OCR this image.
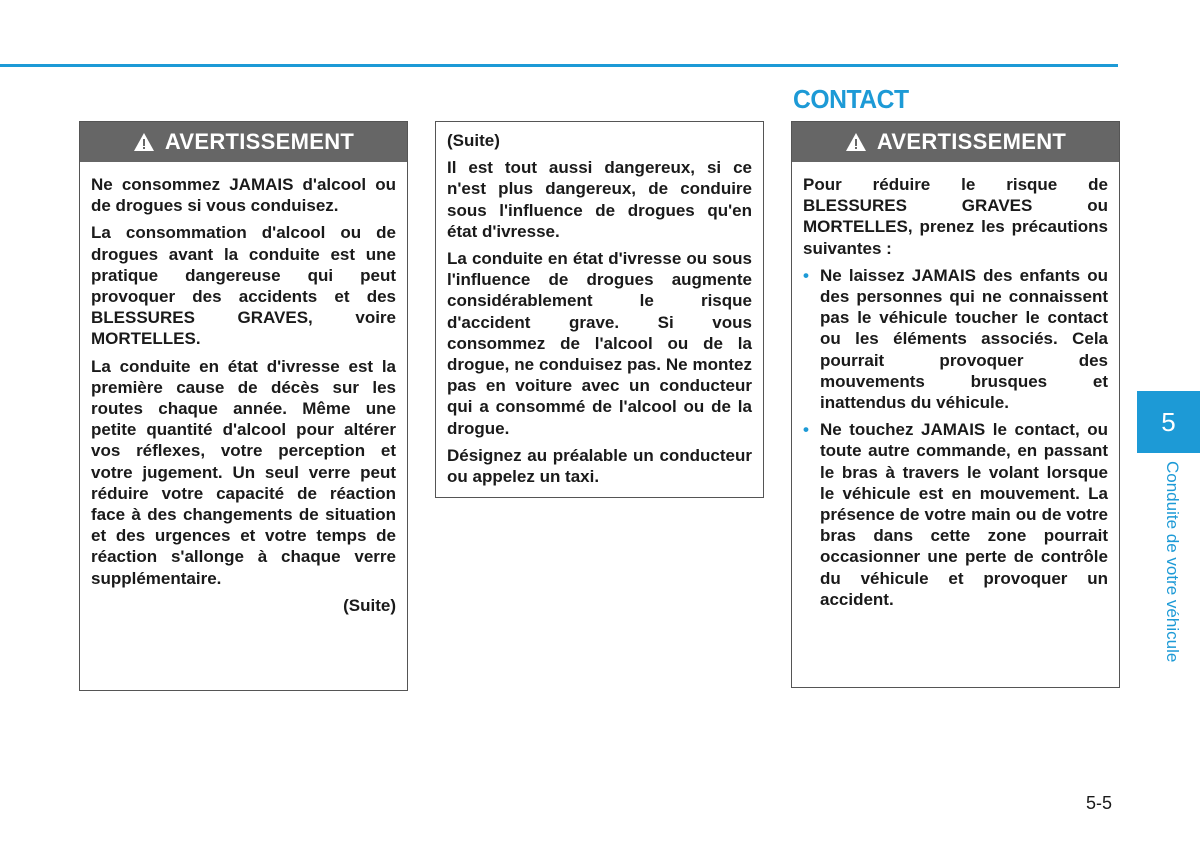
CONTACT
AVERTISSEMENT

Ne consommez JAMAIS d'alcool ou de drogues si vous conduisez.

La consommation d'alcool ou de drogues avant la conduite est une pratique dangereuse qui peut provoquer des accidents et des BLESSURES GRAVES, voire MORTELLES.

La conduite en état d'ivresse est la première cause de décès sur les routes chaque année. Même une petite quantité d'alcool pour altérer vos réflexes, votre perception et votre jugement. Un seul verre peut réduire votre capacité de réaction face à des changements de situation et des urgences et votre temps de réaction s'allonge à chaque verre supplémentaire.

(Suite)

(Suite)

Il est tout aussi dangereux, si ce n'est plus dangereux, de conduire sous l'influence de drogues qu'en état d'ivresse.

La conduite en état d'ivresse ou sous l'influence de drogues augmente considérablement le risque d'accident grave. Si vous consommez de l'alcool ou de la drogue, ne conduisez pas. Ne montez pas en voiture avec un conducteur qui a consommé de l'alcool ou de la drogue.

Désignez au préalable un conducteur ou appelez un taxi.

AVERTISSEMENT

Pour réduire le risque de BLESSURES GRAVES ou MORTELLES, prenez les précautions suivantes :

• Ne laissez JAMAIS des enfants ou des personnes qui ne connaissent pas le véhicule toucher le contact ou les éléments associés. Cela pourrait provoquer des mouvements brusques et inattendus du véhicule.
• Ne touchez JAMAIS le contact, ou toute autre commande, en passant le bras à travers le volant lorsque le véhicule est en mouvement. La présence de votre main ou de votre bras dans cette zone pourrait occasionner une perte de contrôle du véhicule et provoquer un accident.
5
Conduite de votre véhicule
5-5
